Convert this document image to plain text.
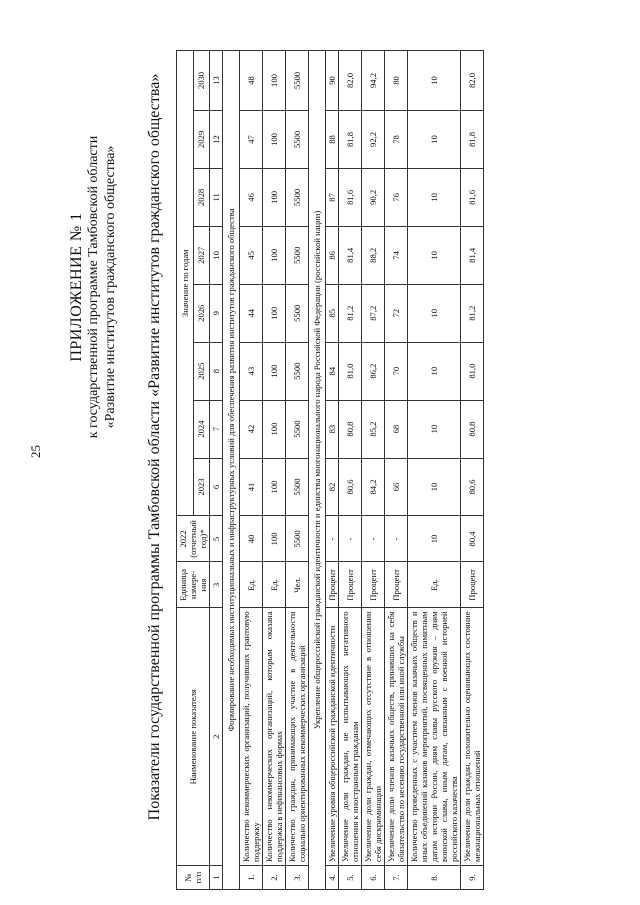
25
ПРИЛОЖЕНИЕ № 1 к государственной программе Тамбовской области «Развитие институтов гражданского общества» Показатели государственной программы Тамбовской области «Развитие институтов гражданского общества»
№ п/п	Наименование показателя	Единица измере-ния	2022 (отчетный год)*	Значение по годам							
				2023	2024	2025	2026	2027	2028	2029	2030
1	2	3	5	6	7	8	9	10	11	12	13
Формирование необходимых институциональных и инфраструктурных условий для обеспечения развития институтов гражданского общества											
1.	Количество некоммерческих организаций, получивших грантовую поддержку	Ед.	40	41	42	43	44	45	46	47	48
2.	Количество некоммерческих организаций, которым оказана поддержка в нефинансовых формах	Ед.	100	100	100	100	100	100	100	100	100
3.	Количество граждан, принимающих участие в деятельности социально ориентированных некоммерческих организаций	Чел.	5500	5500	5500	5500	5500	5500	5500	5500	5500
Укрепление общероссийской гражданской идентичности и единства многонационального народа Российской Федерации (российской нации)											
4.	Увеличение уровня общероссийской гражданской идентичности	Процент	-	82	83	84	85	86	87	88	90
5.	Увеличение доли граждан, не испытывающих негативного отношения к иностранным гражданам	Процент	-	80,6	80,8	81,0	81,2	81,4	81,6	81,8	82,0
6.	Увеличение доли граждан, отмечающих отсутствие в отношении себя дискриминации	Процент	-	84,2	85,2	86,2	87,2	88,2	90,2	92,2	94,2
7.	Увеличение доли членов казачьих обществ, принявших на себя обязательство по несению государственной или иной службы	Процент	-	66	68	70	72	74	76	78	80
8.	Количество проведенных с участием членов казачьих обществ и иных объединений казаков мероприятий, посвященных памятным датам истории России, дням славы русского оружия – дням воинской славы, иным датам, связанным с военной историей российского казачества	Ед.	10	10	10	10	10	10	10	10	10
9.	Увеличение доли граждан, положительно оценивающих состояние межнациональных отношений	Процент	80,4	80,6	80,8	81,0	81,2	81,4	81,6	81,8	82,0
